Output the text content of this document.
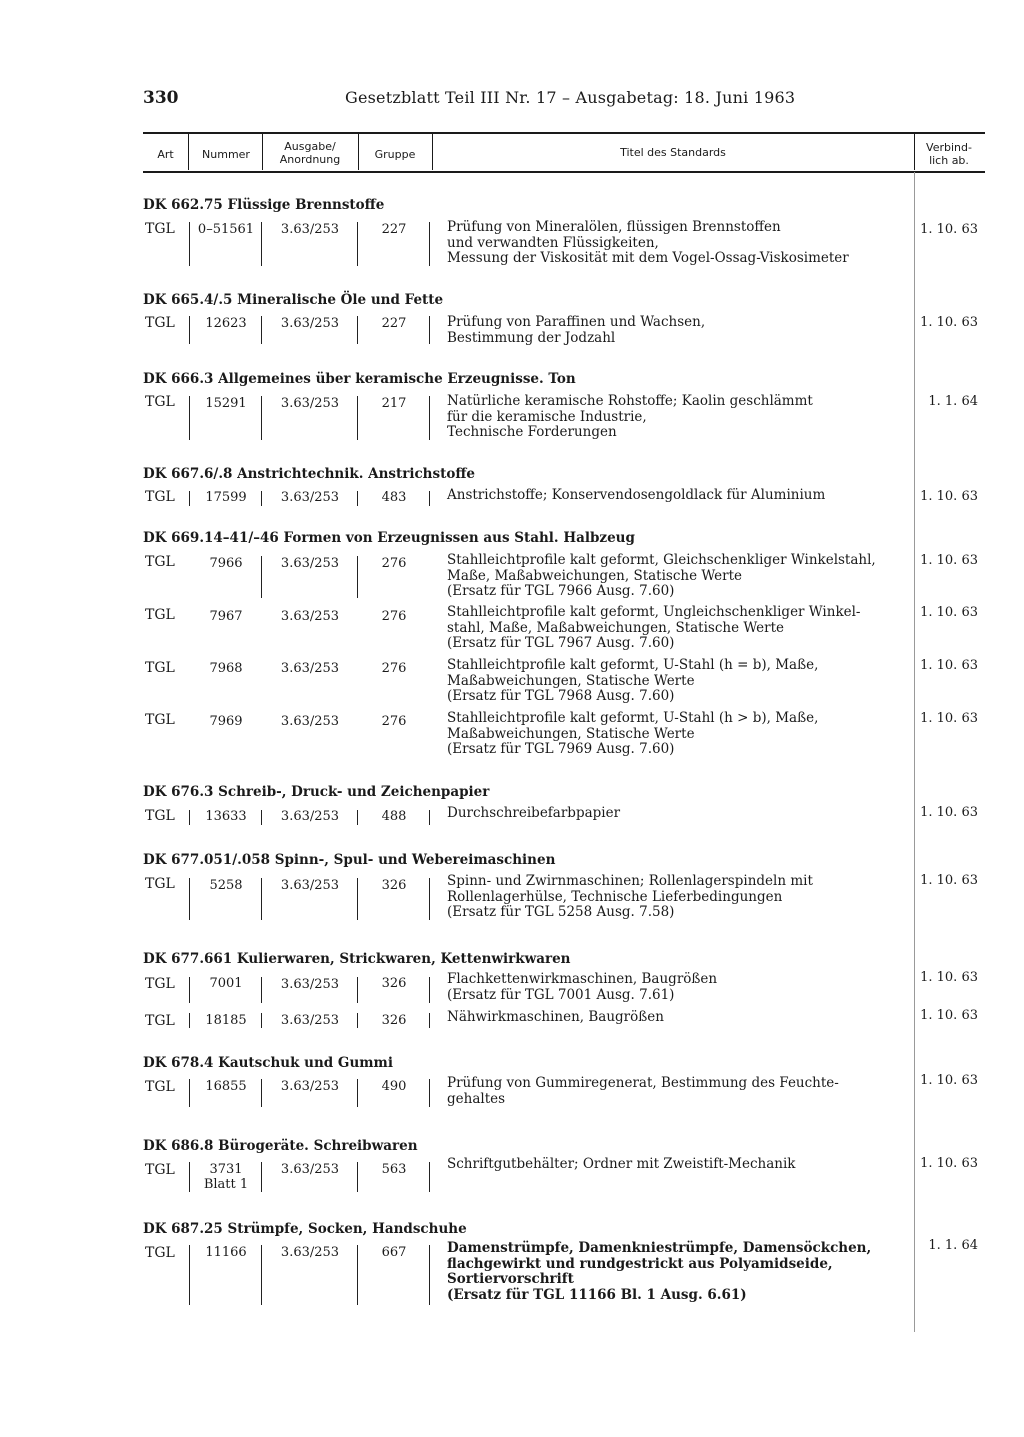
330	Gesetzblatt Teil III Nr. 17 – Ausgabetag: 18. Juni 1963
Art	Nummer
Ausgabe/
Anordnung	Gruppe	Titel des Standards	Verbind-
lich ab.
DK 662.75 Flüssige Brennstoffe
TGL	0–51561	3.63/253	227	Prüfung von Mineralölen, flüssigen Brennstoffen
und verwandten Flüssigkeiten,
Messung der Viskosität mit dem Vogel-Ossag-Viskosimeter
1. 10. 63
DK 665.4/.5 Mineralische Öle und Fette
TGL	12623	3.63/253	227	Prüfung von Paraffinen und Wachsen,
Bestimmung der Jodzahl
1. 10. 63
DK 666.3 Allgemeines über keramische Erzeugnisse. Ton
TGL	15291	3.63/253	217	Natürliche keramische Rohstoffe; Kaolin geschlämmt
für die keramische Industrie,
Technische Forderungen
1. 1. 64
DK 667.6/.8 Anstrichtechnik. Anstrichstoffe
TGL	17599	3.63/253	483	Anstrichstoffe; Konservendosengoldlack für Aluminium	1. 10. 63
DK 669.14–41/–46 Formen von Erzeugnissen aus Stahl. Halbzeug
TGL	7966	3.63/253	276	Stahlleichtprofile kalt geformt, Gleichschenkliger Winkelstahl,
Maße, Maßabweichungen, Statische Werte
(Ersatz für TGL 7966 Ausg. 7.60)
1. 10. 63
TGL	7967	3.63/253	276	Stahlleichtprofile kalt geformt, Ungleichschenkliger Winkel-
stahl, Maße, Maßabweichungen, Statische Werte
(Ersatz für TGL 7967 Ausg. 7.60)
1. 10. 63
TGL	7968	3.63/253	276	Stahlleichtprofile kalt geformt, U-Stahl (h = b), Maße,
Maßabweichungen, Statische Werte
(Ersatz für TGL 7968 Ausg. 7.60)
1. 10. 63
TGL	7969	3.63/253	276	Stahlleichtprofile kalt geformt, U-Stahl (h > b), Maße,
Maßabweichungen, Statische Werte
(Ersatz für TGL 7969 Ausg. 7.60)
1. 10. 63
DK 676.3 Schreib-, Druck- und Zeichenpapier
TGL	13633	3.63/253	488	Durchschreibefarbpapier	1. 10. 63
DK 677.051/.058 Spinn-, Spul- und Webereimaschinen
TGL	5258	3.63/253	326	Spinn- und Zwirnmaschinen; Rollenlagerspindeln mit
Rollenlagerhülse, Technische Lieferbedingungen
(Ersatz für TGL 5258 Ausg. 7.58)
1. 10. 63
DK 677.661 Kulierwaren, Strickwaren, Kettenwirkwaren
TGL	7001	3.63/253	326	Flachkettenwirkmaschinen, Baugrößen
(Ersatz für TGL 7001 Ausg. 7.61)
1. 10. 63
TGL	18185	3.63/253	326	Nähwirkmaschinen, Baugrößen	1. 10. 63
DK 678.4 Kautschuk und Gummi
TGL	16855	3.63/253	490	Prüfung von Gummiregenerat, Bestimmung des Feuchte-
gehaltes
1. 10. 63
DK 686.8 Bürogeräte. Schreibwaren
TGL	3731
Blatt 1
3.63/253	563	Schriftgutbehälter; Ordner mit Zweistift-Mechanik	1. 10. 63
DK 687.25 Strümpfe, Socken, Handschuhe
TGL	11166	3.63/253	667	Damenstrümpfe, Damenkniestrümpfe, Damensöckchen,
flachgewirkt und rundgestrickt aus Polyamidseide,
Sortiervorschrift
(Ersatz für TGL 11166 Bl. 1 Ausg. 6.61)
1. 1. 64
